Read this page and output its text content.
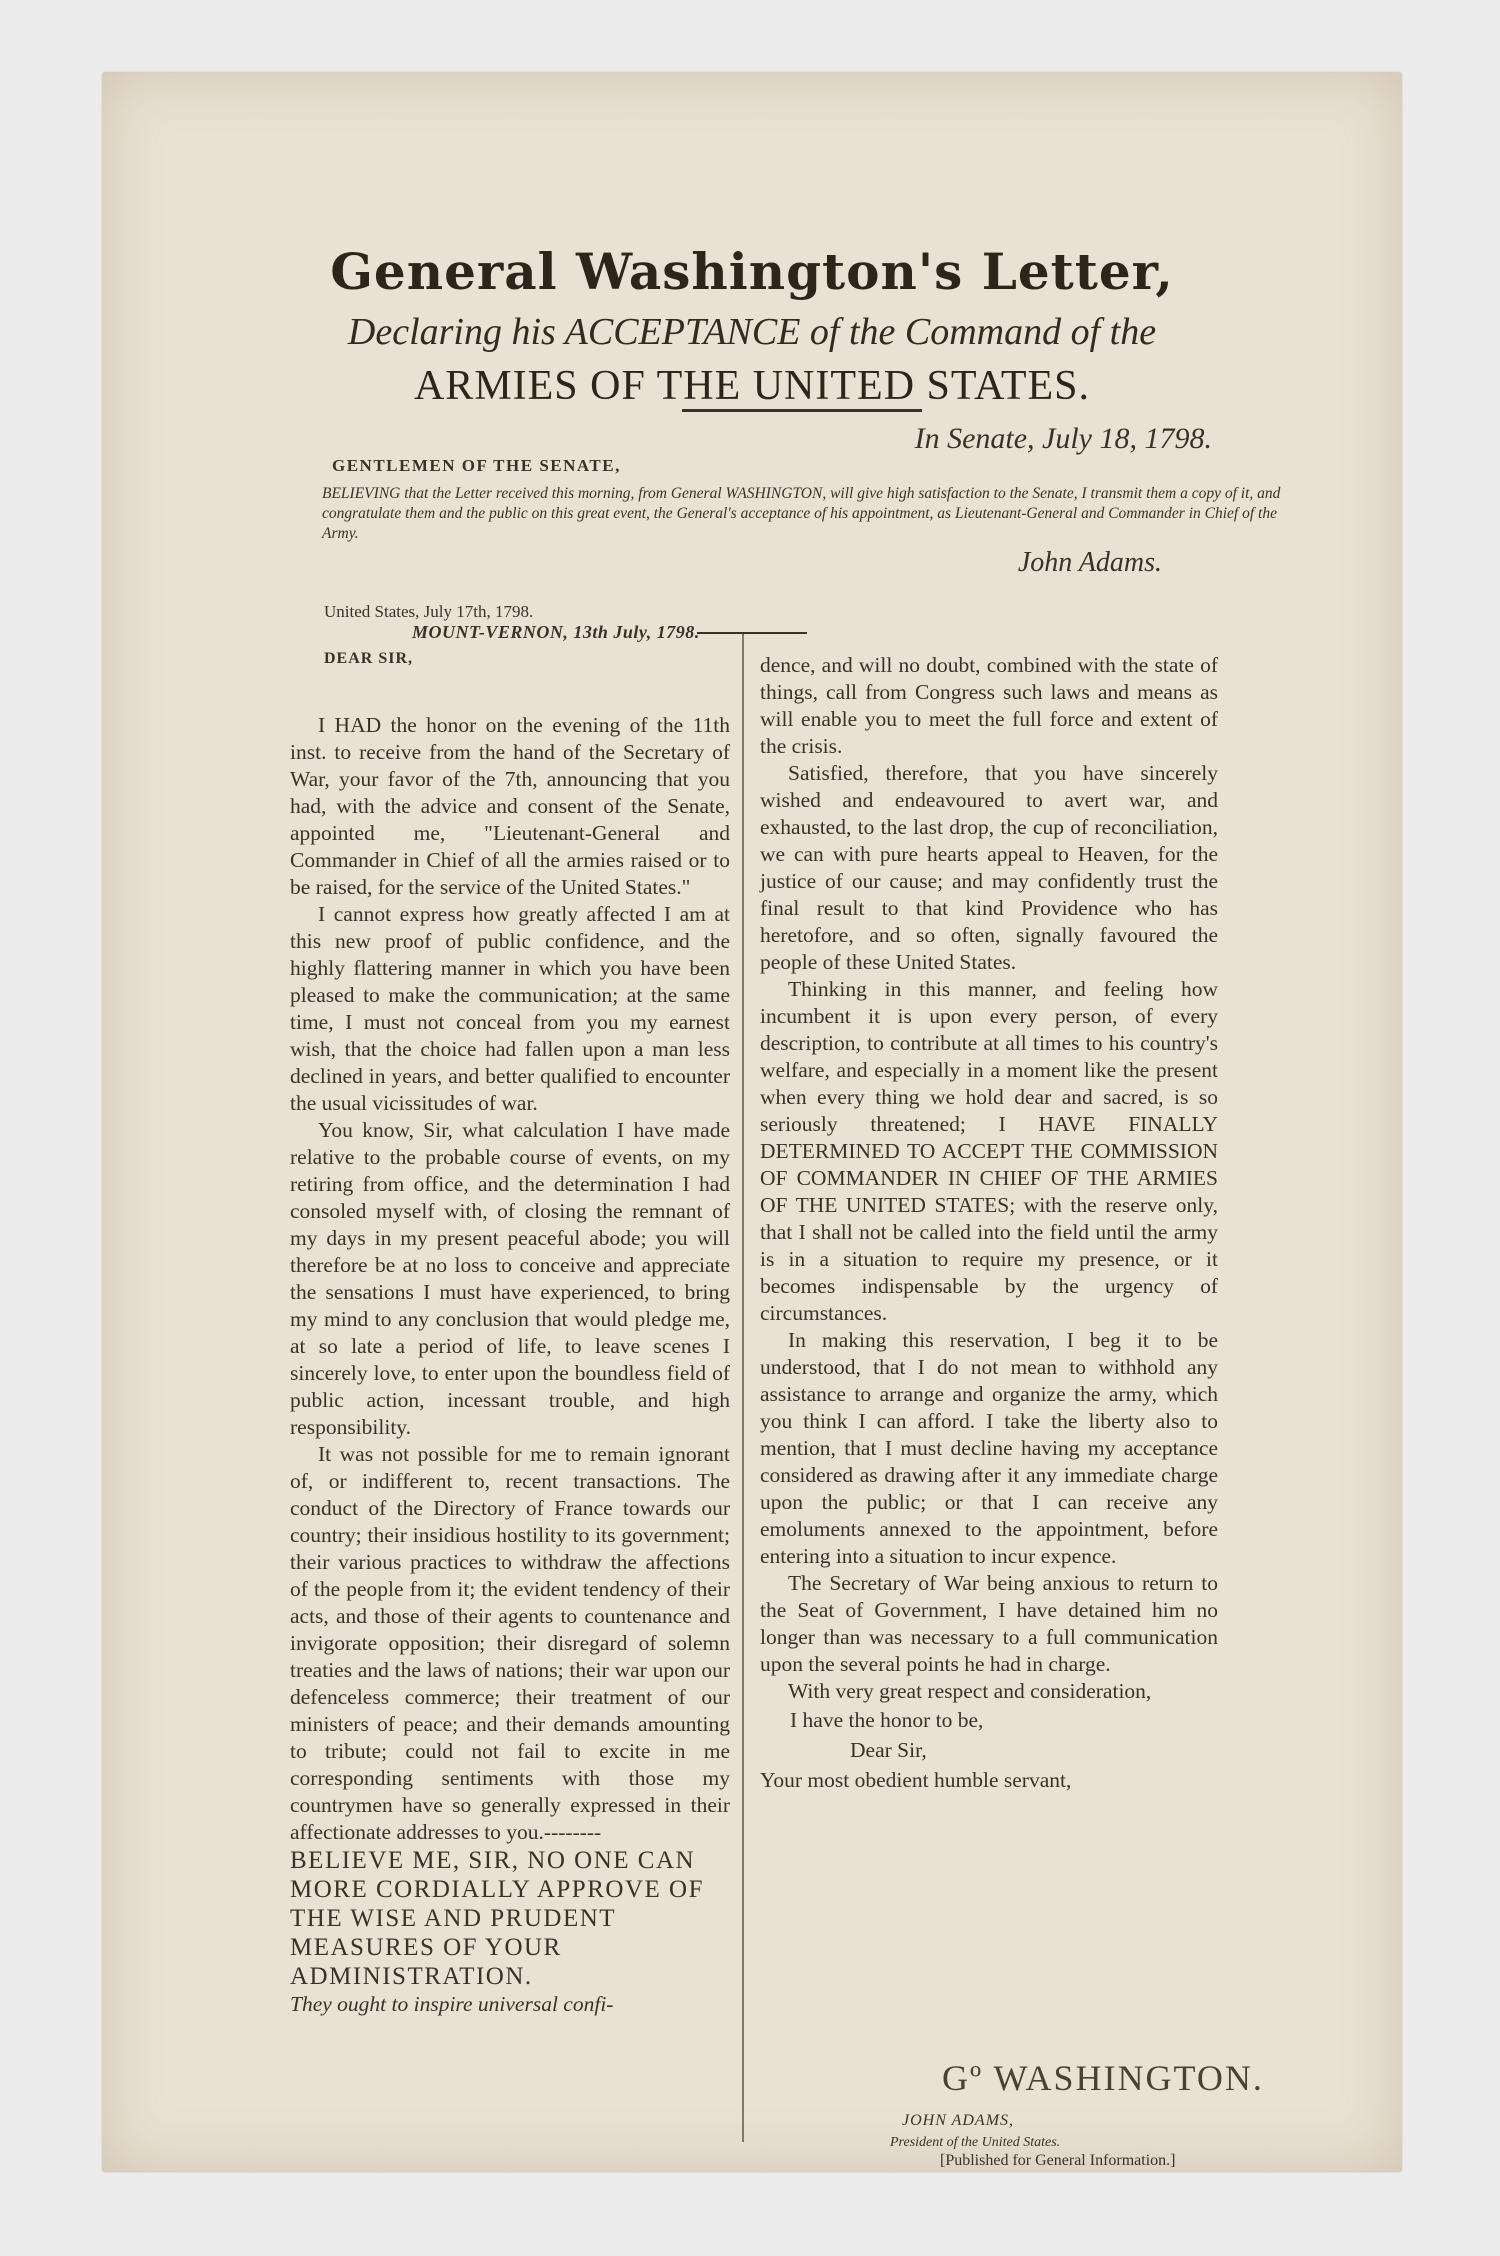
General Washington's Letter,
Declaring his ACCEPTANCE of the Command of the
ARMIES OF THE UNITED STATES.
In Senate, July 18, 1798.
GENTLEMEN OF THE SENATE,
BELIEVING that the Letter received this morning, from General WASHINGTON, will give high satisfaction to the Senate, I transmit them a copy of it, and congratulate them and the public on this great event, the General's acceptance of his appointment, as Lieutenant-General and Commander in Chief of the Army.
John Adams.
United States, July 17th, 1798.
MOUNT-VERNON, 13th July, 1798.
DEAR SIR,

I HAD the honor on the evening of the 11th inst. to receive from the hand of the Secretary of War, your favor of the 7th, announcing that you had, with the advice and consent of the Senate, appointed me, "Lieutenant-General and Commander in Chief of all the armies raised or to be raised, for the service of the United States."

I cannot express how greatly affected I am at this new proof of public confidence, and the highly flattering manner in which you have been pleased to make the communication; at the same time, I must not conceal from you my earnest wish, that the choice had fallen upon a man less declined in years, and better qualified to encounter the usual vicissitudes of war.

You know, Sir, what calculation I have made relative to the probable course of events, on my retiring from office, and the determination I had consoled myself with, of closing the remnant of my days in my present peaceful abode; you will therefore be at no loss to conceive and appreciate the sensations I must have experienced, to bring my mind to any conclusion that would pledge me, at so late a period of life, to leave scenes I sincerely love, to enter upon the boundless field of public action, incessant trouble, and high responsibility.

It was not possible for me to remain ignorant of, or indifferent to, recent transactions. The conduct of the Directory of France towards our country; their insidious hostility to its government; their various practices to withdraw the affections of the people from it; the evident tendency of their acts, and those of their agents to countenance and invigorate opposition; their disregard of solemn treaties and the laws of nations; their war upon our defenceless commerce; their treatment of our ministers of peace; and their demands amounting to tribute; could not fail to excite in me corresponding sentiments with those my countrymen have so generally expressed in their affectionate addresses to you.--------

BELIEVE ME, SIR, NO ONE CAN MORE CORDIALLY APPROVE OF THE WISE AND PRUDENT MEASURES OF YOUR ADMINISTRATION.

They ought to inspire universal confi-

dence, and will no doubt, combined with the state of things, call from Congress such laws and means as will enable you to meet the full force and extent of the crisis.

Satisfied, therefore, that you have sincerely wished and endeavoured to avert war, and exhausted, to the last drop, the cup of reconciliation, we can with pure hearts appeal to Heaven, for the justice of our cause; and may confidently trust the final result to that kind Providence who has heretofore, and so often, signally favoured the people of these United States.

Thinking in this manner, and feeling how incumbent it is upon every person, of every description, to contribute at all times to his country's welfare, and especially in a moment like the present when every thing we hold dear and sacred, is so seriously threatened; I HAVE FINALLY DETERMINED TO ACCEPT THE COMMISSION OF COMMANDER IN CHIEF OF THE ARMIES OF THE UNITED STATES; with the reserve only, that I shall not be called into the field until the army is in a situation to require my presence, or it becomes indispensable by the urgency of circumstances.

In making this reservation, I beg it to be understood, that I do not mean to withhold any assistance to arrange and organize the army, which you think I can afford. I take the liberty also to mention, that I must decline having my acceptance considered as drawing after it any immediate charge upon the public; or that I can receive any emoluments annexed to the appointment, before entering into a situation to incur expence.

The Secretary of War being anxious to return to the Seat of Government, I have detained him no longer than was necessary to a full communication upon the several points he had in charge.

With very great respect and consideration,

I have the honor to be,
Dear Sir,
Your most obedient humble servant,
Gº WASHINGTON.
JOHN ADAMS,
President of the United States.
[Published for General Information.]
